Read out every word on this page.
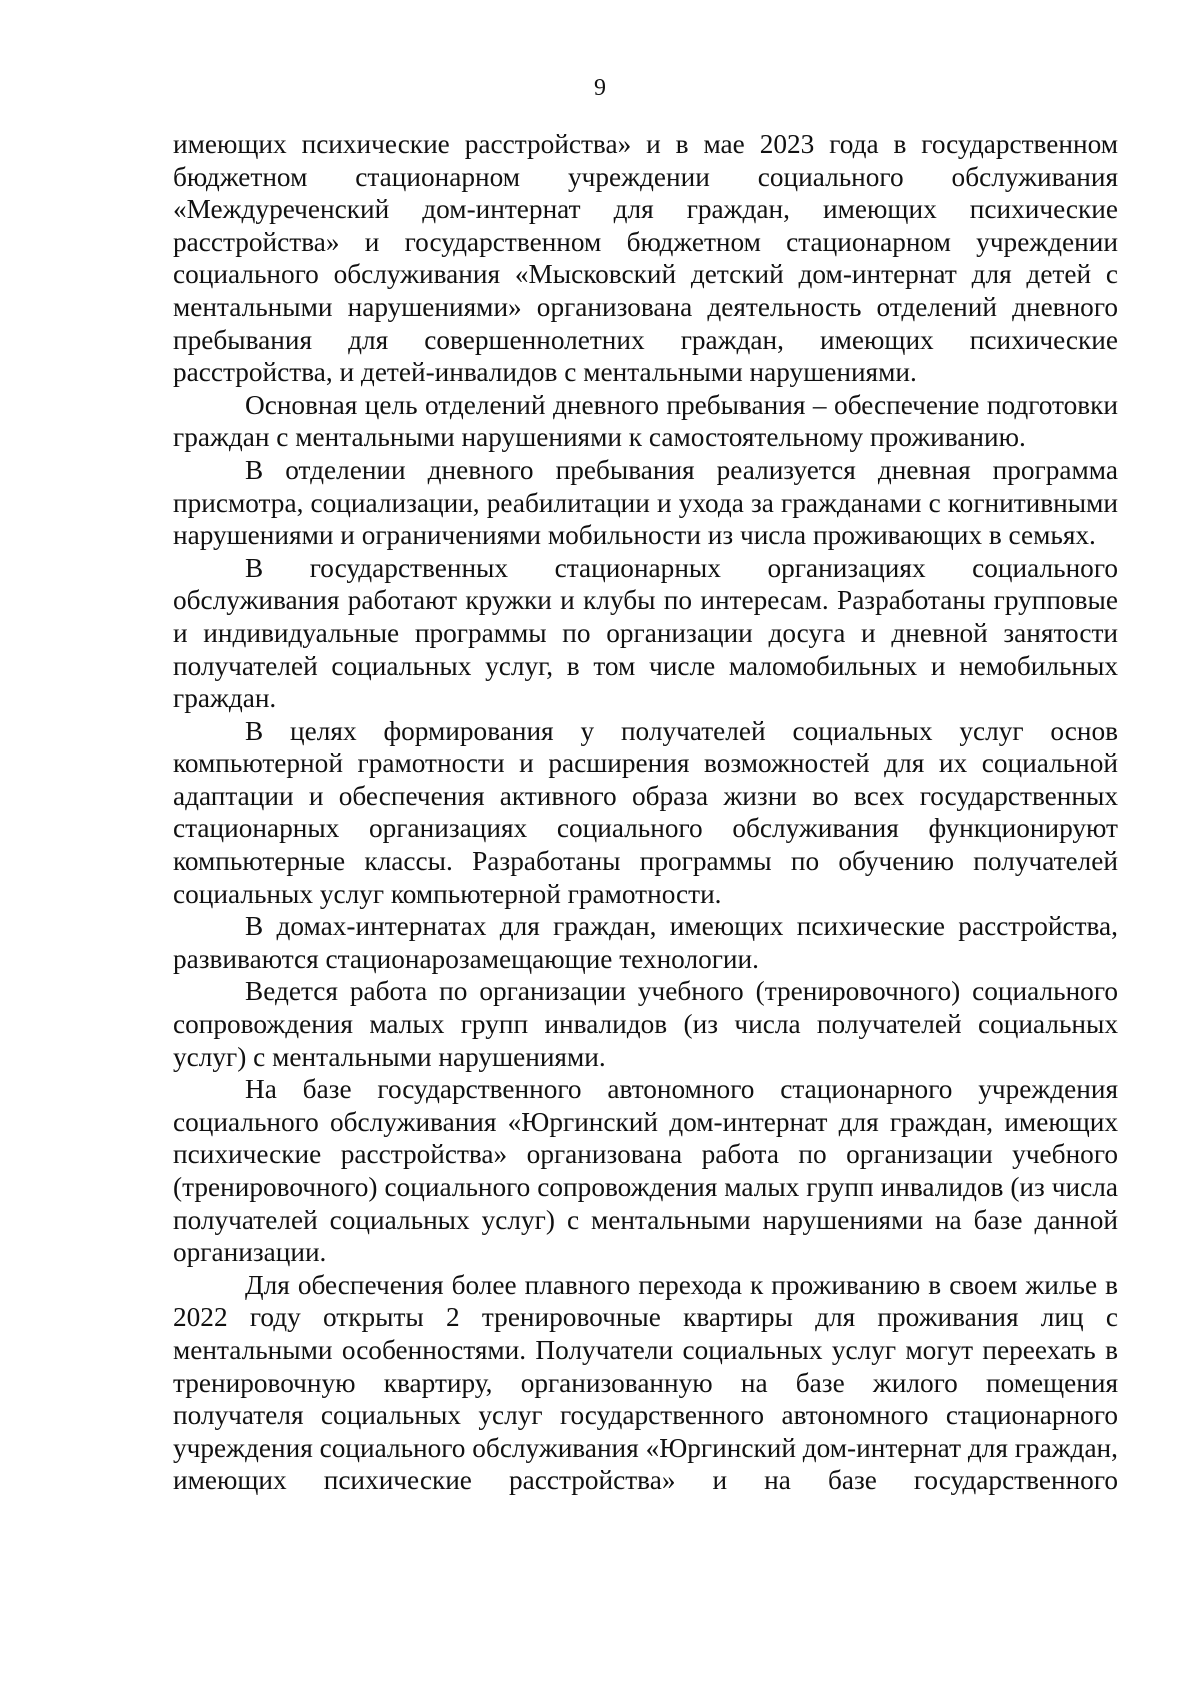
9

имеющих психические расстройства» и в мае 2023 года в государственном бюджетном стационарном учреждении социального обслуживания «Междуреченский дом-интернат для граждан, имеющих психические расстройства» и государственном бюджетном стационарном учреждении социального обслуживания «Мысковский детский дом-интернат для детей с ментальными нарушениями» организована деятельность отделений дневного пребывания для совершеннолетних граждан, имеющих психические расстройства, и детей-инвалидов с ментальными нарушениями.

Основная цель отделений дневного пребывания – обеспечение подготовки граждан с ментальными нарушениями к самостоятельному проживанию.

В отделении дневного пребывания реализуется дневная программа присмотра, социализации, реабилитации и ухода за гражданами с когнитивными нарушениями и ограничениями мобильности из числа проживающих в семьях.

В государственных стационарных организациях социального обслуживания работают кружки и клубы по интересам. Разработаны групповые и индивидуальные программы по организации досуга и дневной занятости получателей социальных услуг, в том числе маломобильных и немобильных граждан.

В целях формирования у получателей социальных услуг основ компьютерной грамотности и расширения возможностей для их социальной адаптации и обеспечения активного образа жизни во всех государственных стационарных организациях социального обслуживания функционируют компьютерные классы. Разработаны программы по обучению получателей социальных услуг компьютерной грамотности.

В домах-интернатах для граждан, имеющих психические расстройства, развиваются стационарозамещающие технологии.

Ведется работа по организации учебного (тренировочного) социального сопровождения малых групп инвалидов (из числа получателей социальных услуг) с ментальными нарушениями.

На базе государственного автономного стационарного учреждения социального обслуживания «Юргинский дом-интернат для граждан, имеющих психические расстройства» организована работа по организации учебного (тренировочного) социального сопровождения малых групп инвалидов (из числа получателей социальных услуг) с ментальными нарушениями на базе данной организации.

Для обеспечения более плавного перехода к проживанию в своем жилье в 2022 году открыты 2 тренировочные квартиры для проживания лиц с ментальными особенностями. Получатели социальных услуг могут переехать в тренировочную квартиру, организованную на базе жилого помещения получателя социальных услуг государственного автономного стационарного учреждения социального обслуживания «Юргинский дом-интернат для граждан, имеющих психические расстройства» и на базе государственного
